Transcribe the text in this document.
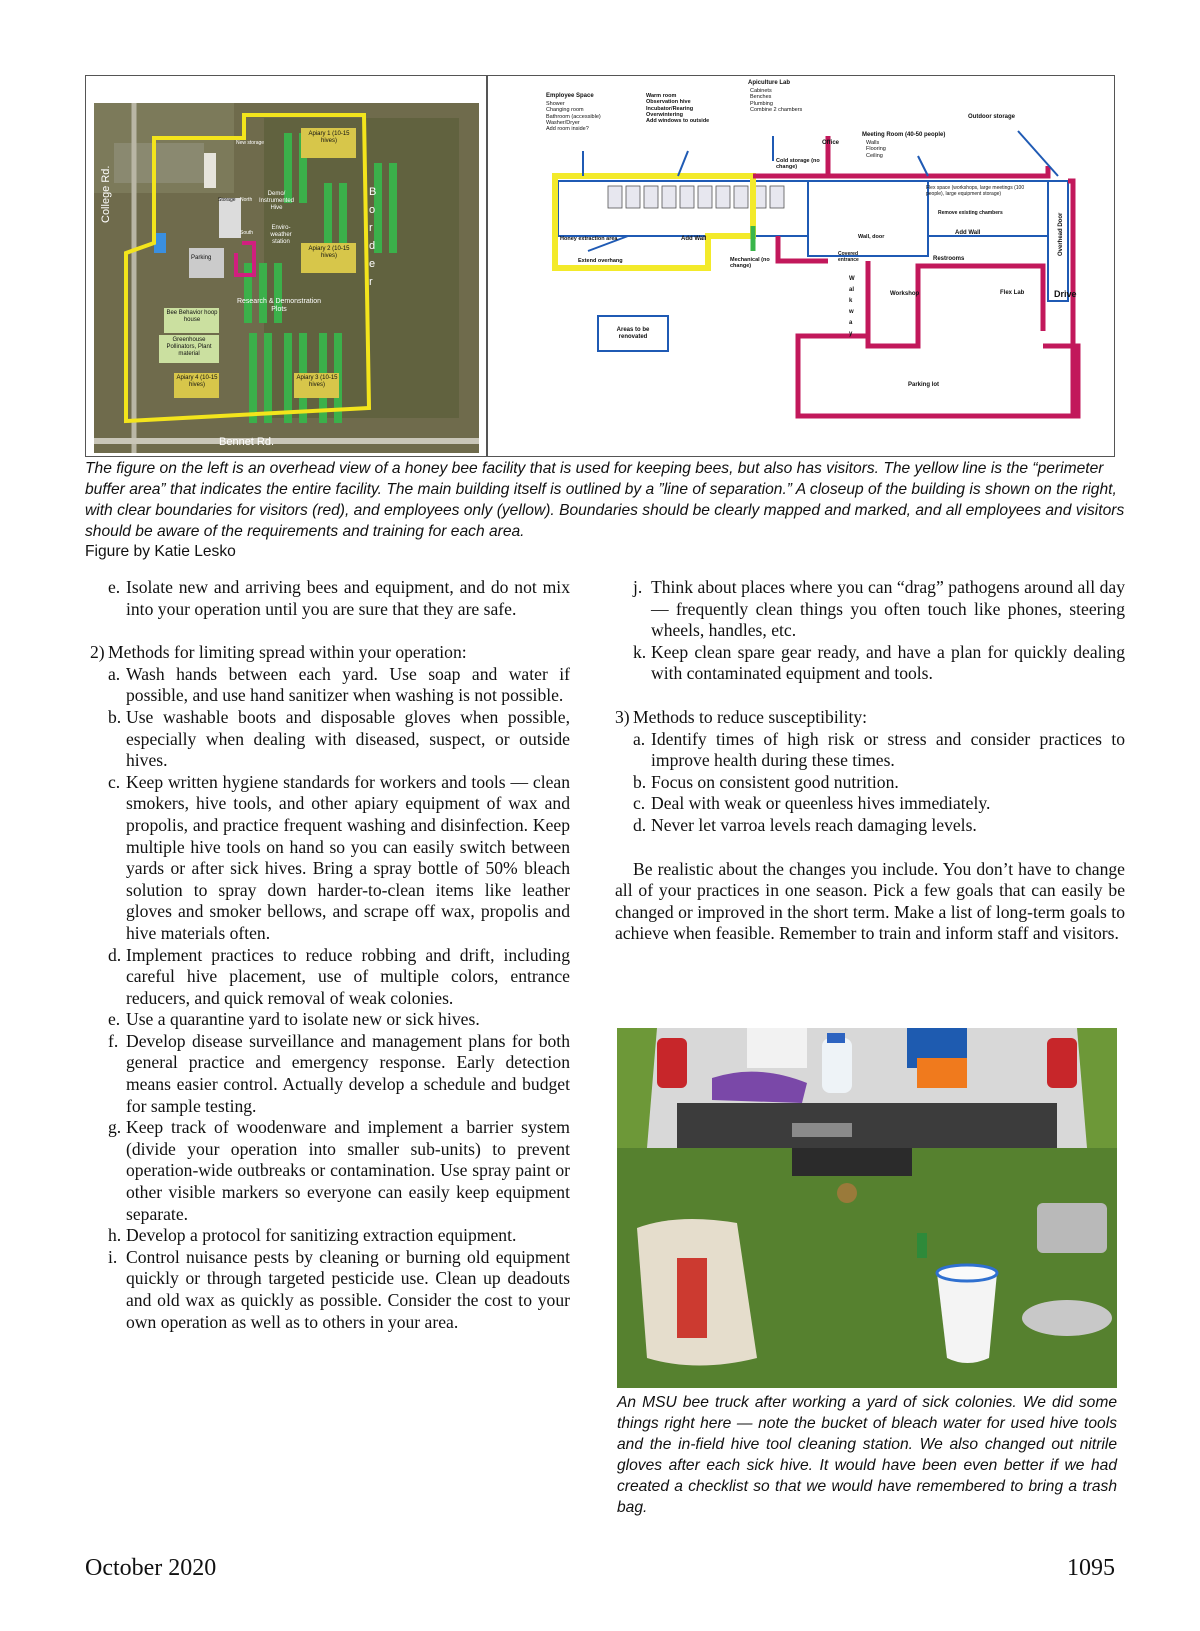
College Rd.
Bennet Rd.
Border
Apiary 1 (10-15 hives)
Apiary 2 (10-15 hives)
Apiary 3 (10-15 hives)
Apiary 4 (10-15 hives)
Demo/ Instrumented Hive
Enviro-weather station
Parking
Research & Demonstration Plots
Bee Behavior hoop house
Greenhouse Pollinators, Plant material
New storage
Storage North
South
Employee Space
Shower
Changing room
Bathroom (accessible)
Washer/Dryer
Add room inside?
Warm room
Observation hive
Incubator/Rearing
Overwintering
Add windows to outside
Apiculture Lab
Cabinets
Benches
Plumbing
Combine 2 chambers
Office
Cold storage (no change)
Meeting Room (40-50 people)
Walls
Flooring
Ceiling
Outdoor storage
Flex space (workshops, large meetings (100 people), large equipment storage)
Remove existing chambers
Honey extraction area	Add Wall
Add Wall
Wall, door
Extend overhang	Mechanical (no change)
Covered entrance	Restrooms
Walkway
Workshop	Flex Lab	Drive
Overhead Door
Areas to be renovated
Parking lot
The figure on the left is an overhead view of a honey bee facility that is used for keeping bees, but also has visitors. The yellow line is the “perimeter buffer area” that indicates the entire facility. The main building itself is outlined by a ”line of separation.” A closeup of the building is shown on the right, with clear boundaries for visitors (red), and employees only (yellow). Boundaries should be clearly mapped and marked, and all employees and visitors should be aware of the requirements and training for each area.
Figure by Katie Lesko
e. Isolate new and arriving bees and equipment, and do not mix into your operation until you are sure that they are safe.
2) Methods for limiting spread within your operation:
a. Wash hands between each yard. Use soap and water if possible, and use hand sanitizer when washing is not possible.
b. Use washable boots and disposable gloves when possible, especially when dealing with diseased, suspect, or outside hives.
c. Keep written hygiene standards for workers and tools — clean smokers, hive tools, and other apiary equipment of wax and propolis, and practice frequent washing and disinfection. Keep multiple hive tools on hand so you can easily switch between yards or after sick hives. Bring a spray bottle of 50% bleach solution to spray down harder-to-clean items like leather gloves and smoker bellows, and scrape off wax, propolis and hive materials often.
d. Implement practices to reduce robbing and drift, including careful hive placement, use of multiple colors, entrance reducers, and quick removal of weak colonies.
e. Use a quarantine yard to isolate new or sick hives.
f. Develop disease surveillance and management plans for both general practice and emergency response. Early detection means easier control. Actually develop a schedule and budget for sample testing.
g. Keep track of woodenware and implement a barrier system (divide your operation into smaller sub-units) to prevent operation-wide outbreaks or contamination. Use spray paint or other visible markers so everyone can easily keep equipment separate.
h. Develop a protocol for sanitizing extraction equipment.
i. Control nuisance pests by cleaning or burning old equipment quickly or through targeted pesticide use. Clean up deadouts and old wax as quickly as possible. Consider the cost to your own operation as well as to others in your area.
j. Think about places where you can “drag” pathogens around all day — frequently clean things you often touch like phones, steering wheels, handles, etc.
k. Keep clean spare gear ready, and have a plan for quickly dealing with contaminated equipment and tools.
3) Methods to reduce susceptibility:
a. Identify times of high risk or stress and consider practices to improve health during these times.
b. Focus on consistent good nutrition.
c. Deal with weak or queenless hives immediately.
d. Never let varroa levels reach damaging levels.
Be realistic about the changes you include. You don’t have to change all of your practices in one season. Pick a few goals that can easily be changed or improved in the short term. Make a list of long-term goals to achieve when feasible. Remember to train and inform staff and visitors.
An MSU bee truck after working a yard of sick colonies. We did some things right here — note the bucket of bleach water for used hive tools and the in-field hive tool cleaning station. We also changed out nitrile gloves after each sick hive. It would have been even better if we had created a checklist so that we would have remembered to bring a trash bag.
October 2020	1095
